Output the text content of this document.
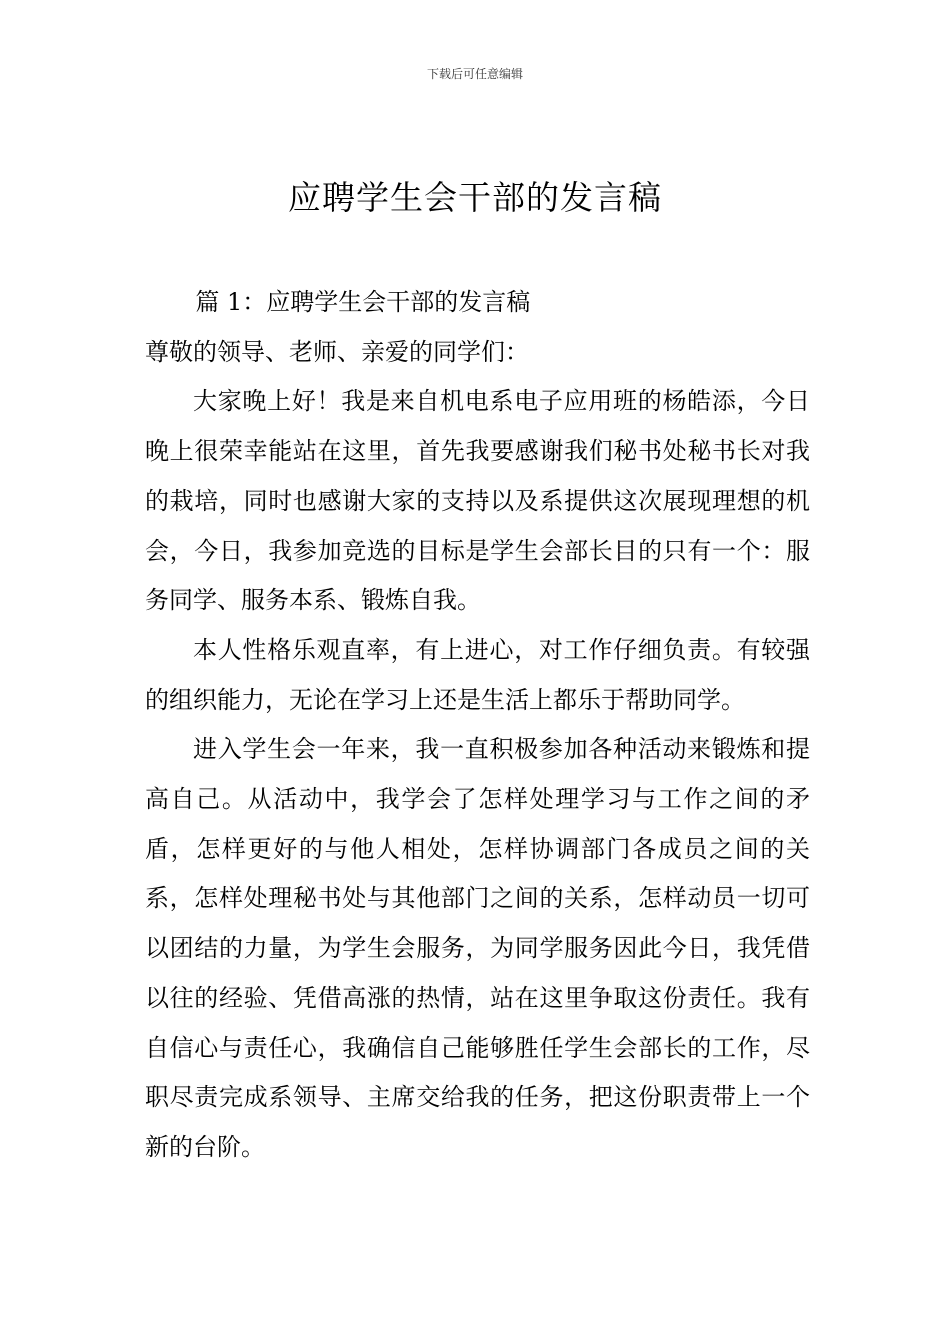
下载后可任意编辑
应聘学生会干部的发言稿

篇 1：应聘学生会干部的发言稿

尊敬的领导、老师、亲爱的同学们：

大家晚上好！我是来自机电系电子应用班的杨皓添，今日晚上很荣幸能站在这里，首先我要感谢我们秘书处秘书长对我的栽培，同时也感谢大家的支持以及系提供这次展现理想的机会，今日，我参加竞选的目标是学生会部长目的只有一个：服务同学、服务本系、锻炼自我。

本人性格乐观直率，有上进心，对工作仔细负责。有较强的组织能力，无论在学习上还是生活上都乐于帮助同学。

进入学生会一年来，我一直积极参加各种活动来锻炼和提高自己。从活动中，我学会了怎样处理学习与工作之间的矛盾，怎样更好的与他人相处，怎样协调部门各成员之间的关系，怎样处理秘书处与其他部门之间的关系，怎样动员一切可以团结的力量，为学生会服务，为同学服务因此今日，我凭借以往的经验、凭借高涨的热情，站在这里争取这份责任。我有自信心与责任心，我确信自己能够胜任学生会部长的工作，尽职尽责完成系领导、主席交给我的任务，把这份职责带上一个新的台阶。
